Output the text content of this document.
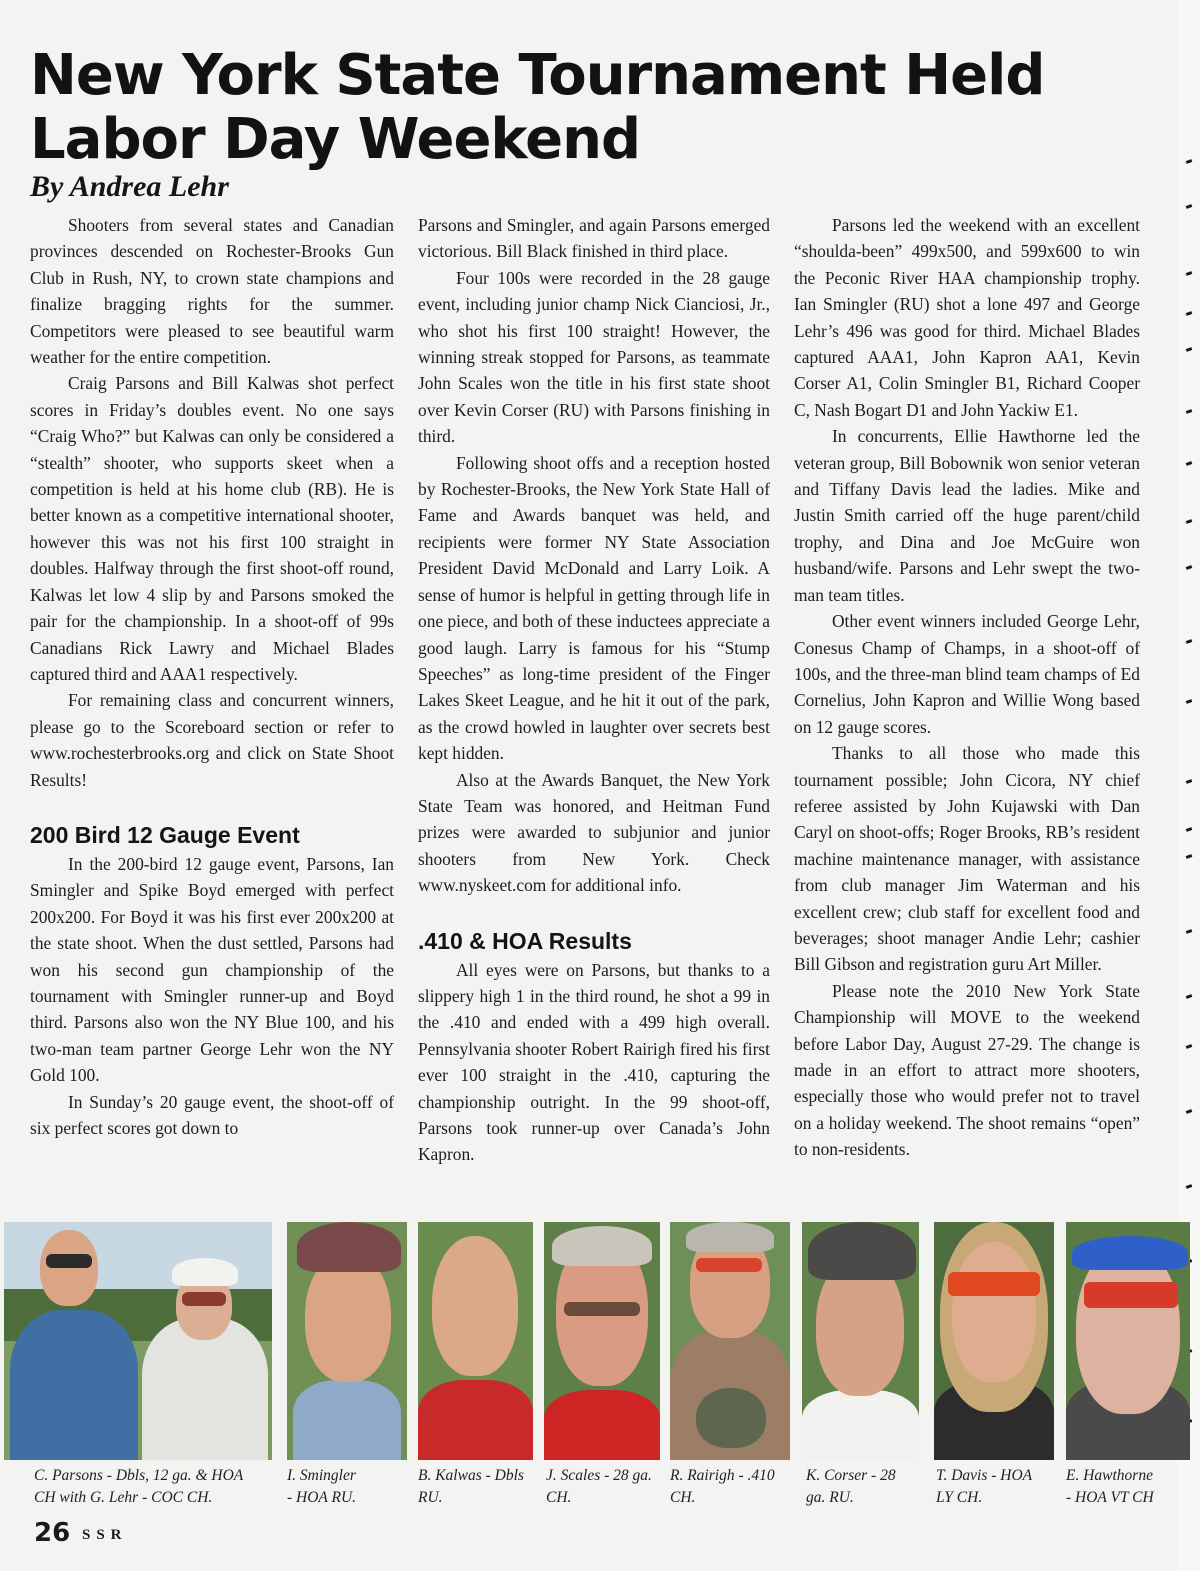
New York State Tournament Held
Labor Day Weekend
By Andrea Lehr

Shooters from several states and Canadian provinces descended on Rochester-Brooks Gun Club in Rush, NY, to crown state champions and finalize bragging rights for the summer. Competitors were pleased to see beautiful warm weather for the entire competition.

Craig Parsons and Bill Kalwas shot perfect scores in Friday’s doubles event. No one says “Craig Who?” but Kalwas can only be considered a “stealth” shooter, who supports skeet when a competition is held at his home club (RB). He is better known as a competitive international shooter, however this was not his first 100 straight in doubles. Halfway through the first shoot-off round, Kalwas let low 4 slip by and Parsons smoked the pair for the championship. In a shoot-off of 99s Canadians Rick Lawry and Michael Blades captured third and AAA1 respectively.

For remaining class and concurrent winners, please go to the Scoreboard section or refer to www.rochesterbrooks.org and click on State Shoot Results!

200 Bird 12 Gauge Event

In the 200-bird 12 gauge event, Parsons, Ian Smingler and Spike Boyd emerged with perfect 200x200. For Boyd it was his first ever 200x200 at the state shoot. When the dust settled, Parsons had won his second gun championship of the tournament with Smingler runner-up and Boyd third. Parsons also won the NY Blue 100, and his two-man team partner George Lehr won the NY Gold 100.

In Sunday’s 20 gauge event, the shoot-off of six perfect scores got down to

Parsons and Smingler, and again Parsons emerged victorious. Bill Black finished in third place.

Four 100s were recorded in the 28 gauge event, including junior champ Nick Cianciosi, Jr., who shot his first 100 straight! However, the winning streak stopped for Parsons, as teammate John Scales won the title in his first state shoot over Kevin Corser (RU) with Parsons finishing in third.

Following shoot offs and a reception hosted by Rochester-Brooks, the New York State Hall of Fame and Awards banquet was held, and recipients were former NY State Association President David McDonald and Larry Loik. A sense of humor is helpful in getting through life in one piece, and both of these inductees appreciate a good laugh. Larry is famous for his “Stump Speeches” as long-time president of the Finger Lakes Skeet League, and he hit it out of the park, as the crowd howled in laughter over secrets best kept hidden.

Also at the Awards Banquet, the New York State Team was honored, and Heitman Fund prizes were awarded to subjunior and junior shooters from New York. Check www.nyskeet.com for additional info.

.410 & HOA Results

All eyes were on Parsons, but thanks to a slippery high 1 in the third round, he shot a 99 in the .410 and ended with a 499 high overall. Pennsylvania shooter Robert Rairigh fired his first ever 100 straight in the .410, capturing the championship outright. In the 99 shoot-off, Parsons took runner-up over Canada’s John Kapron.

Parsons led the weekend with an excellent “shoulda-been” 499x500, and 599x600 to win the Peconic River HAA championship trophy. Ian Smingler (RU) shot a lone 497 and George Lehr’s 496 was good for third. Michael Blades captured AAA1, John Kapron AA1, Kevin Corser A1, Colin Smingler B1, Richard Cooper C, Nash Bogart D1 and John Yackiw E1.

In concurrents, Ellie Hawthorne led the veteran group, Bill Bobownik won senior veteran and Tiffany Davis lead the ladies. Mike and Justin Smith carried off the huge parent/child trophy, and Dina and Joe McGuire won husband/wife. Parsons and Lehr swept the two-man team titles.

Other event winners included George Lehr, Conesus Champ of Champs, in a shoot-off of 100s, and the three-man blind team champs of Ed Cornelius, John Kapron and Willie Wong based on 12 gauge scores.

Thanks to all those who made this tournament possible; John Cicora, NY chief referee assisted by John Kujawski with Dan Caryl on shoot-offs; Roger Brooks, RB’s resident machine maintenance manager, with assistance from club manager Jim Waterman and his excellent crew; club staff for excellent food and beverages; shoot manager Andie Lehr; cashier Bill Gibson and registration guru Art Miller.

Please note the 2010 New York State Championship will MOVE to the weekend before Labor Day, August 27-29. The change is made in an effort to attract more shooters, especially those who would prefer not to travel on a holiday weekend. The shoot remains “open” to non-residents.

C. Parsons - Dbls, 12 ga. & HOA
CH with G. Lehr - COC CH.
I. Smingler
- HOA RU.
B. Kalwas - Dbls
RU.
J. Scales - 28 ga.
CH.
R. Rairigh - .410
CH.
K. Corser - 28
ga. RU.
T. Davis - HOA
LY CH.
E. Hawthorne
- HOA VT CH
26 SSR
